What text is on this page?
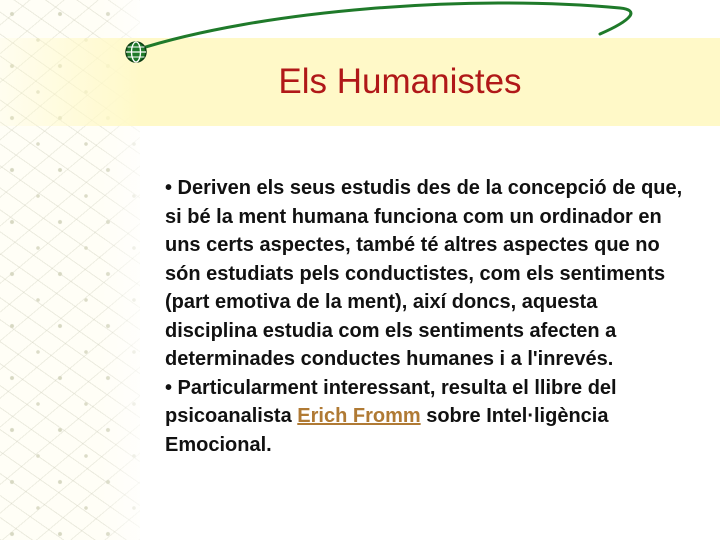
Els Humanistes

• Deriven els seus estudis des de la concepció de que, si bé la ment humana funciona com un ordinador en uns certs aspectes, també té altres aspectes que no són estudiats pels conductistes, com els sentiments (part emotiva de la ment), així doncs, aquesta disciplina estudia com els sentiments afecten a determinades conductes humanes i a l'inrevés.

• Particularment interessant, resulta el llibre del psicoanalista Erich Fromm sobre Intel·ligència Emocional.
